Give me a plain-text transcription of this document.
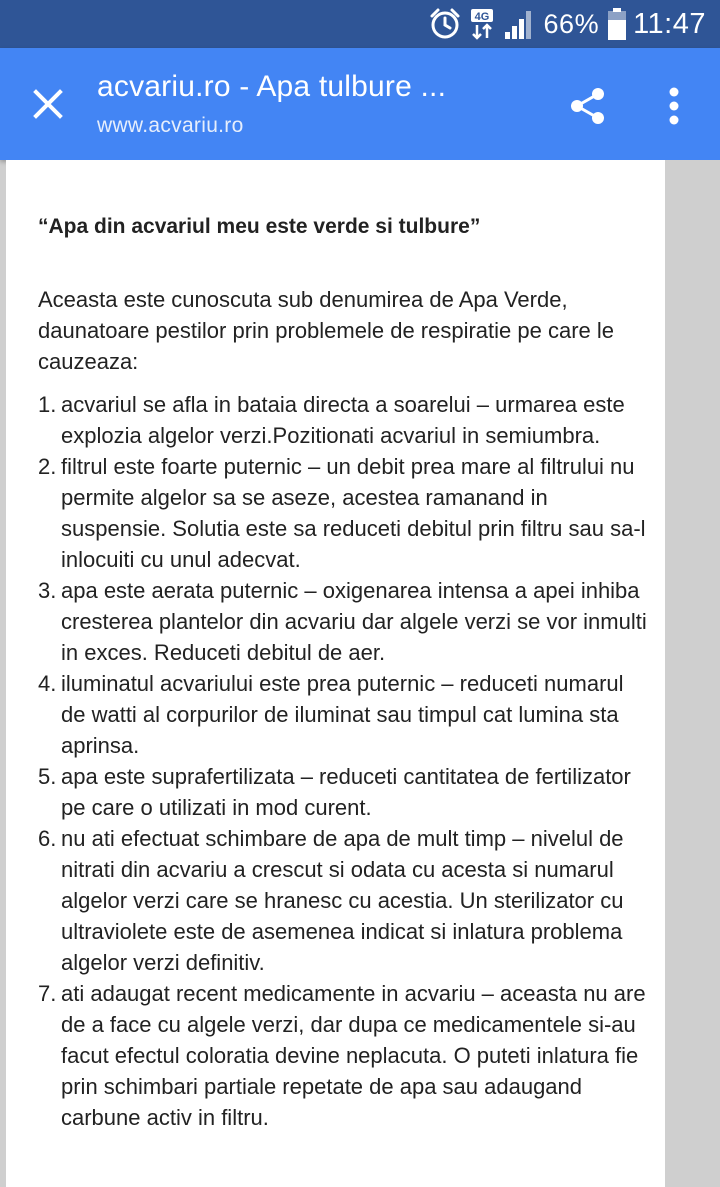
4G 66% 11:47
acvariu.ro - Apa tulbure ...
www.acvariu.ro

“Apa din acvariul meu este verde si tulbure”

Aceasta este cunoscuta sub denumirea de Apa Verde, daunatoare pestilor prin problemele de respiratie pe care le cauzeaza:

1. acvariul se afla in bataia directa a soarelui – urmarea este explozia algelor verzi.Pozitionati acvariul in semiumbra.
2. filtrul este foarte puternic – un debit prea mare al filtrului nu permite algelor sa se aseze, acestea ramanand in suspensie. Solutia este sa reduceti debitul prin filtru sau sa-l inlocuiti cu unul adecvat.
3. apa este aerata puternic – oxigenarea intensa a apei inhiba cresterea plantelor din acvariu dar algele verzi se vor inmulti in exces. Reduceti debitul de aer.
4. iluminatul acvariului este prea puternic – reduceti numarul de watti al corpurilor de iluminat sau timpul cat lumina sta aprinsa.
5. apa este suprafertilizata – reduceti cantitatea de fertilizator pe care o utilizati in mod curent.
6. nu ati efectuat schimbare de apa de mult timp – nivelul de nitrati din acvariu a crescut si odata cu acesta si numarul algelor verzi care se hranesc cu acestia. Un sterilizator cu ultraviolete este de asemenea indicat si inlatura problema algelor verzi definitiv.
7. ati adaugat recent medicamente in acvariu – aceasta nu are de a face cu algele verzi, dar dupa ce medicamentele si-au facut efectul coloratia devine neplacuta. O puteti inlatura fie prin schimbari partiale repetate de apa sau adaugand carbune activ in filtru.
